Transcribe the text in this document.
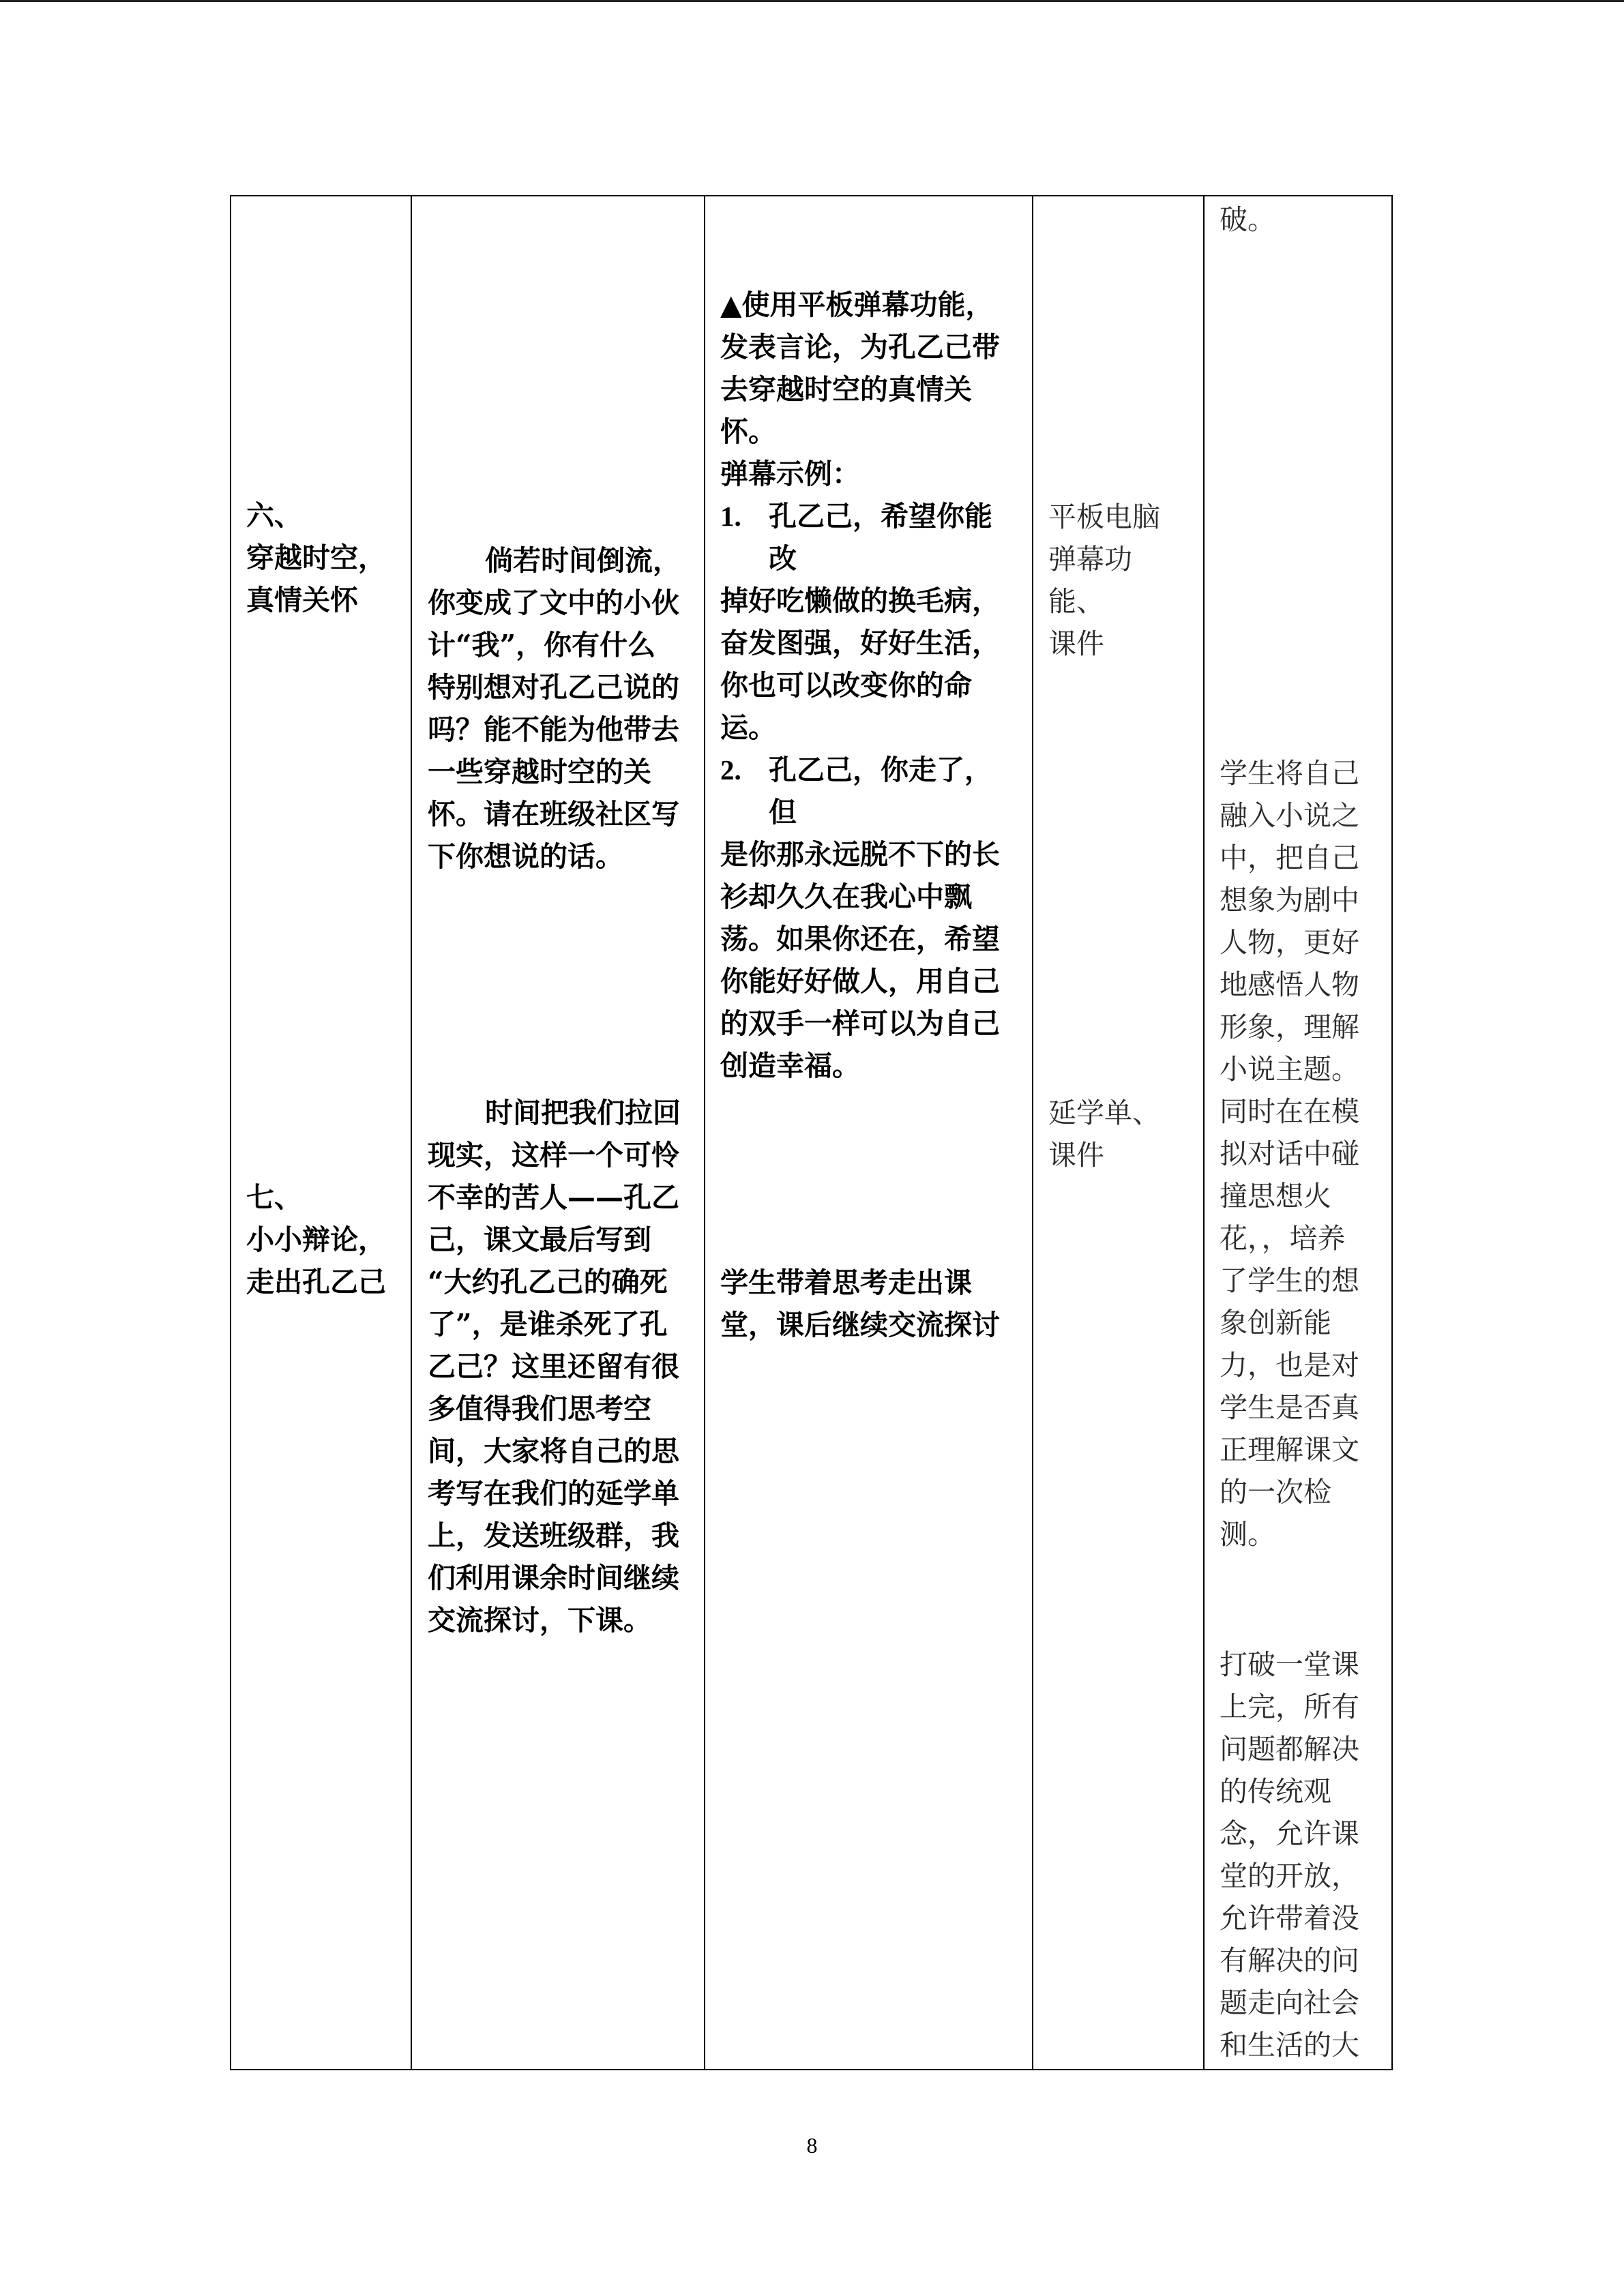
六、
穿越时空，
真情关怀
七、
小小辩论，
走出孔乙己
倘若时间倒流，
你变成了文中的小伙
计“我”，你有什么
特别想对孔乙己说的
吗？能不能为他带去
一些穿越时空的关
怀。请在班级社区写
下你想说的话。
时间把我们拉回
现实，这样一个可怜
不幸的苦人——孔乙
己，课文最后写到
“大约孔乙己的确死
了”，是谁杀死了孔
乙己？这里还留有很
多值得我们思考空
间，大家将自己的思
考写在我们的延学单
上，发送班级群，我
们利用课余时间继续
交流探讨，下课。
▲使用平板弹幕功能，
发表言论，为孔乙己带
去穿越时空的真情关
怀。
弹幕示例：
1. 孔乙己，希望你能
改
掉好吃懒做的换毛病，
奋发图强，好好生活，
你也可以改变你的命
运。
2. 孔乙己，你走了，
但
是你那永远脱不下的长
衫却久久在我心中飘
荡。如果你还在，希望
你能好好做人，用自己
的双手一样可以为自己
创造幸福。
学生带着思考走出课
堂，课后继续交流探讨
平板电脑
弹幕功
能、
课件
延学单、
课件
破。
学生将自己
融入小说之
中，把自己
想象为剧中
人物，更好
地感悟人物
形象，理解
小说主题。
同时在在模
拟对话中碰
撞思想火
花，，培养
了学生的想
象创新能
力，也是对
学生是否真
正理解课文
的一次检
测。
打破一堂课
上完，所有
问题都解决
的传统观
念，允许课
堂的开放，
允许带着没
有解决的问
题走向社会
和生活的大
8
